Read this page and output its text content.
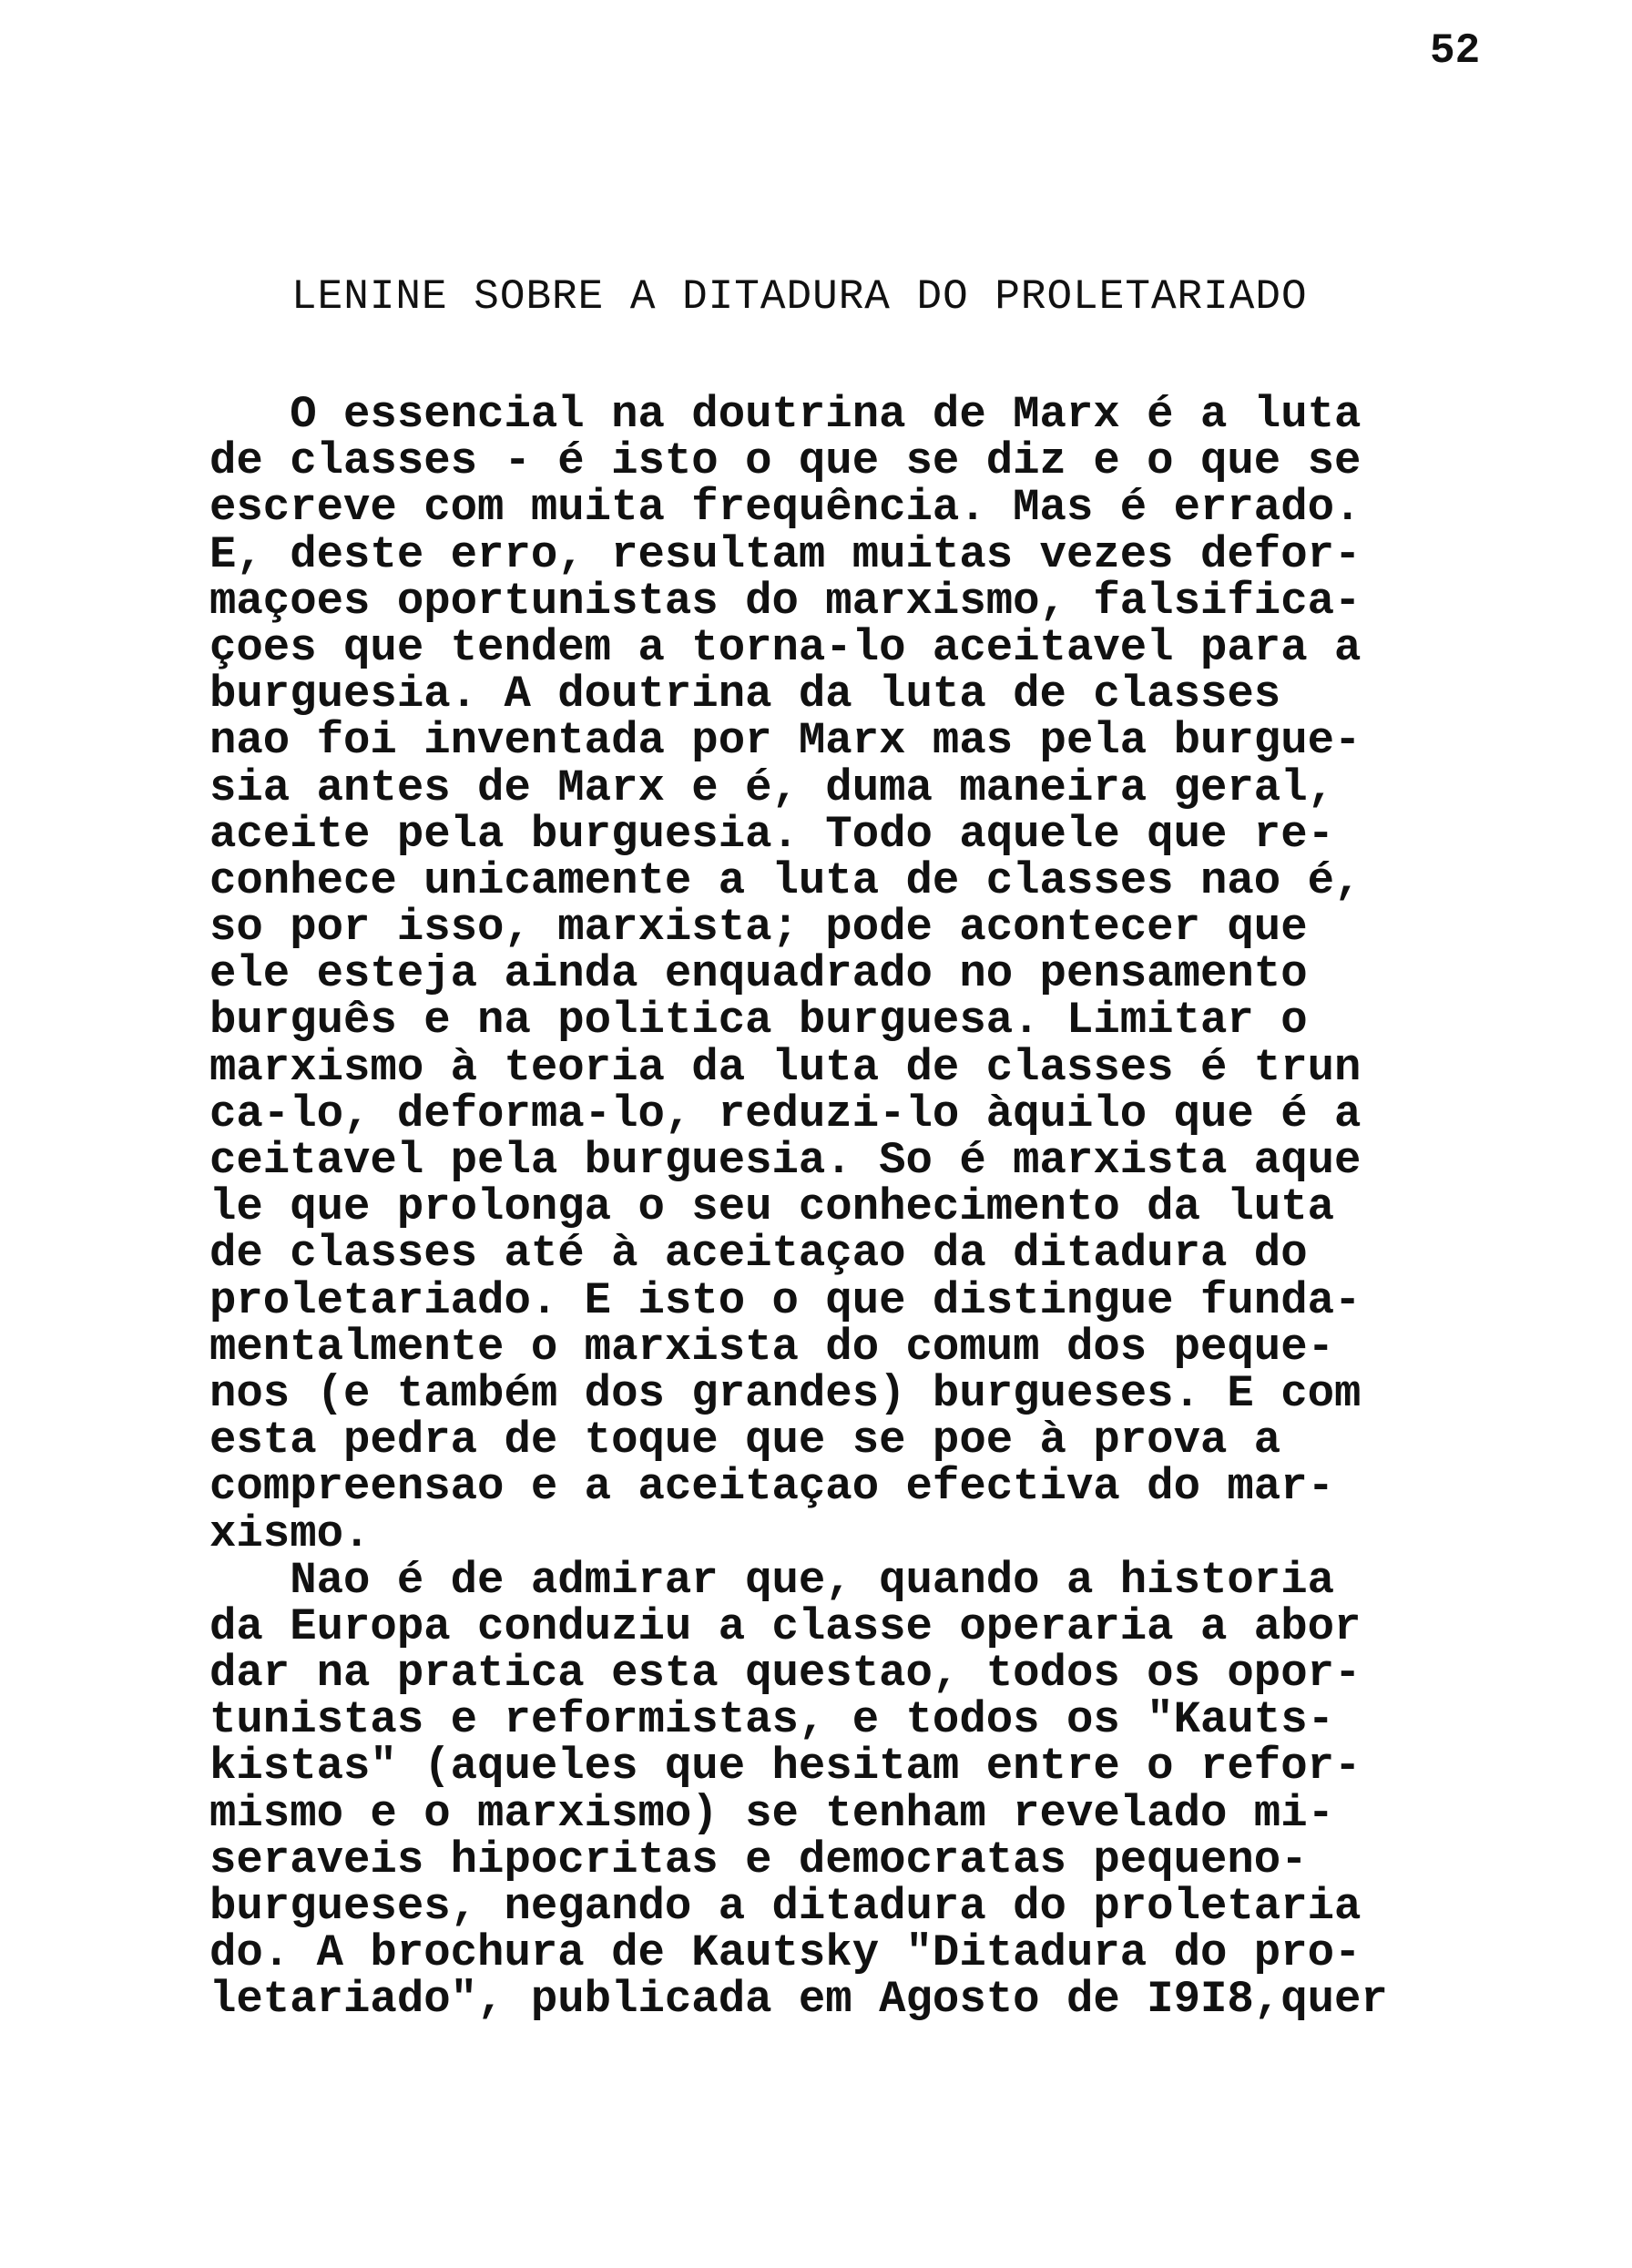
52
LENINE SOBRE A DITADURA DO PROLETARIADO
O essencial na doutrina de Marx é a luta
de classes - é isto o que se diz e o que se
escreve com muita frequência. Mas é errado.
E, deste erro, resultam muitas vezes defor-
maçoes oportunistas do marxismo, falsifica-
çoes que tendem a torna-lo aceitavel para a
burguesia. A doutrina da luta de classes
nao foi inventada por Marx mas pela burgue-
sia antes de Marx e é, duma maneira geral,
aceite pela burguesia. Todo aquele que re-
conhece unicamente a luta de classes nao é,
so por isso, marxista; pode acontecer que
ele esteja ainda enquadrado no pensamento
burguês e na politica burguesa. Limitar o
marxismo à teoria da luta de classes é trun
ca-lo, deforma-lo, reduzi-lo àquilo que é a
ceitavel pela burguesia. So é marxista aque
le que prolonga o seu conhecimento da luta
de classes até à aceitaçao da ditadura do
proletariado. E isto o que distingue funda-
mentalmente o marxista do comum dos peque-
nos (e também dos grandes) burgueses. E com
esta pedra de toque que se poe à prova a
compreensao e a aceitaçao efectiva do mar-
xismo.
Nao é de admirar que, quando a historia
da Europa conduziu a classe operaria a abor
dar na pratica esta questao, todos os opor-
tunistas e reformistas, e todos os "Kauts-
kistas" (aqueles que hesitam entre o refor-
mismo e o marxismo) se tenham revelado mi-
seraveis hipocritas e democratas pequeno-
burgueses, negando a ditadura do proletaria
do. A brochura de Kautsky "Ditadura do pro-
letariado", publicada em Agosto de I9I8,quer
